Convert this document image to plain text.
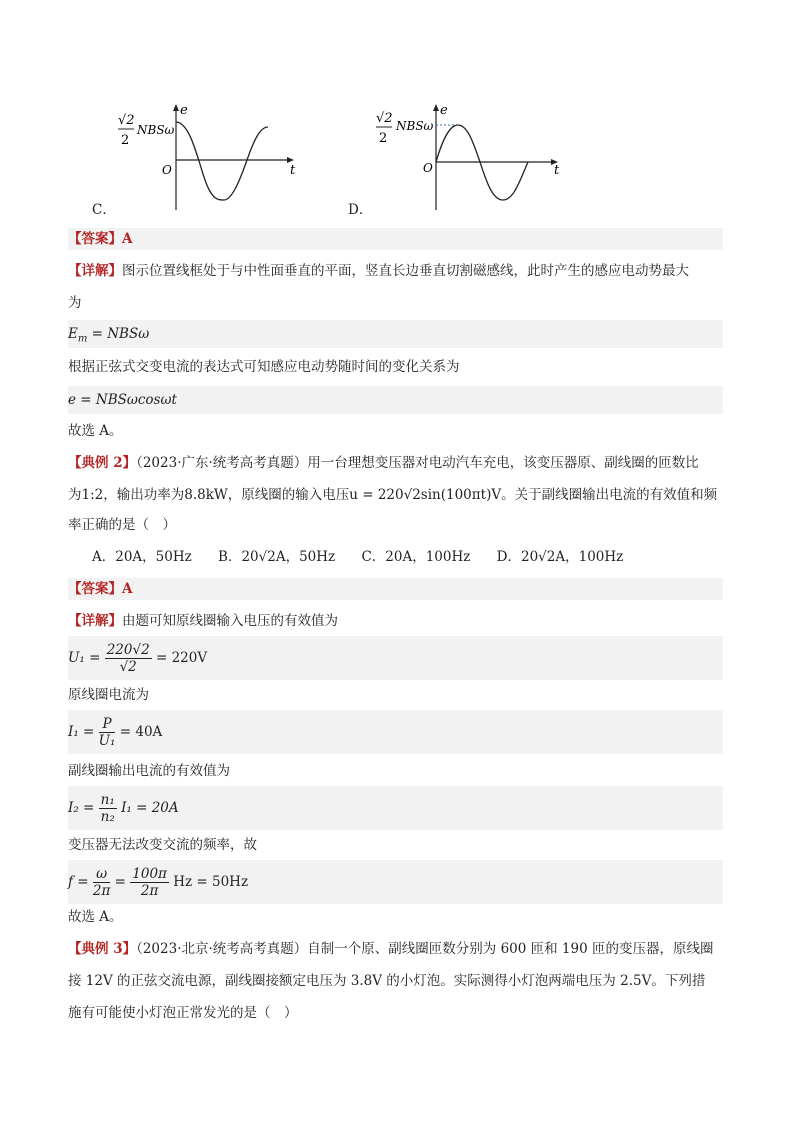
√2
2
NBSω
e
O	t
C．
√2
2
NBSω
e
O	t
D．
【答案】A
【详解】图示位置线框处于与中性面垂直的平面，竖直长边垂直切割磁感线，此时产生的感应电动势最大
为
$E_m = NBS\omega$
根据正弦式交变电流的表达式可知感应电动势随时间的变化关系为
e = NBSωcosωt
故选 A。
【典例 2】（2023·广东·统考高考真题）用一台理想变压器对电动汽车充电，该变压器原、副线圈的匝数比
为1:2，输出功率为8.8kW，原线圈的输入电压u = 220√2sin(100πt)V。关于副线圈输出电流的有效值和频
率正确的是（　）
A．20A，50Hz B．20√2A，50Hz C．20A，100Hz D．20√2A，100Hz
【答案】A
【详解】由题可知原线圈输入电压的有效值为
$U_1 = \frac{220√2}{√2} = 220V$
原线圈电流为
$I_1 = \frac{P}{\text{U₁}} = 40A$
副线圈输出电流的有效值为
$I_2 = \frac{\text{n₁}}{\text{n₂}} I_1 = 20A$
变压器无法改变交流的频率，故
$f = \frac{\omega}{2\pi} = \frac{100\pi}{2\pi}$ Hz = 50Hz
故选 A。
【典例 3】（2023·北京·统考高考真题）自制一个原、副线圈匝数分别为 600 匝和 190 匝的变压器，原线圈
接 12V 的正弦交流电源，副线圈接额定电压为 3.8V 的小灯泡。实际测得小灯泡两端电压为 2.5V。下列措
施有可能使小灯泡正常发光的是（　）
